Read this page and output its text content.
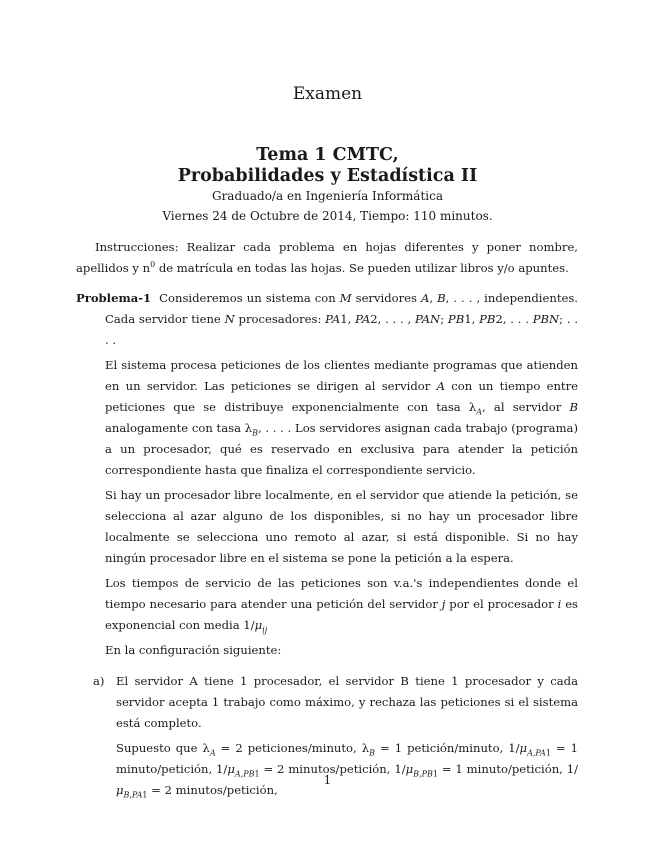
Examen
Tema 1 CMTC,
Probabilidades y Estadística II
Graduado/a en Ingeniería Informática
Viernes 24 de Octubre de 2014, Tiempo: 110 minutos.
Instrucciones: Realizar cada problema en hojas diferentes y poner nombre, apellidos y $n^0$ de matrícula en todas las hojas. Se pueden utilizar libros y/o apuntes.

Problema-1 Consideremos un sistema con M servidores A, B, . . . , independientes. Cada servidor tiene N procesadores: PA1, PA2, . . . , PAN; PB1, PB2, . . . PBN; . . . .

El sistema procesa peticiones de los clientes mediante programas que atienden en un servidor. Las peticiones se dirigen al servidor A con un tiempo entre peticiones que se distribuye exponencialmente con tasa $\lambda_A$, al servidor B analogamente con tasa $\lambda_B$, . . . . Los servidores asignan cada trabajo (programa) a un procesador, qué es reservado en exclusiva para atender la petición correspondiente hasta que finaliza el correspondiente servicio.

Si hay un procesador libre localmente, en el servidor que atiende la petición, se selecciona al azar alguno de los disponibles, si no hay un procesador libre localmente se selecciona uno remoto al azar, si está disponible. Si no hay ningún procesador libre en el sistema se pone la petición a la espera.

Los tiempos de servicio de las peticiones son v.a.'s independientes donde el tiempo necesario para atender una petición del servidor j por el procesador i es exponencial con media $1/\mu_{ij}$

En la configuración siguiente:

a) El servidor A tiene 1 procesador, el servidor B tiene 1 procesador y cada servidor acepta 1 trabajo como máximo, y rechaza las peticiones si el sistema está completo.

Supuesto que $\lambda_A = 2$ peticiones/minuto, $\lambda_B = 1$ petición/minuto, $1/\mu_{A,PA1} = 1$ minuto/petición, $1/\mu_{A,PB1} = 2$ minutos/petición, $1/\mu_{B,PB1} = 1$ minuto/petición, $1/\mu_{B,PA1} = 2$ minutos/petición,

1
